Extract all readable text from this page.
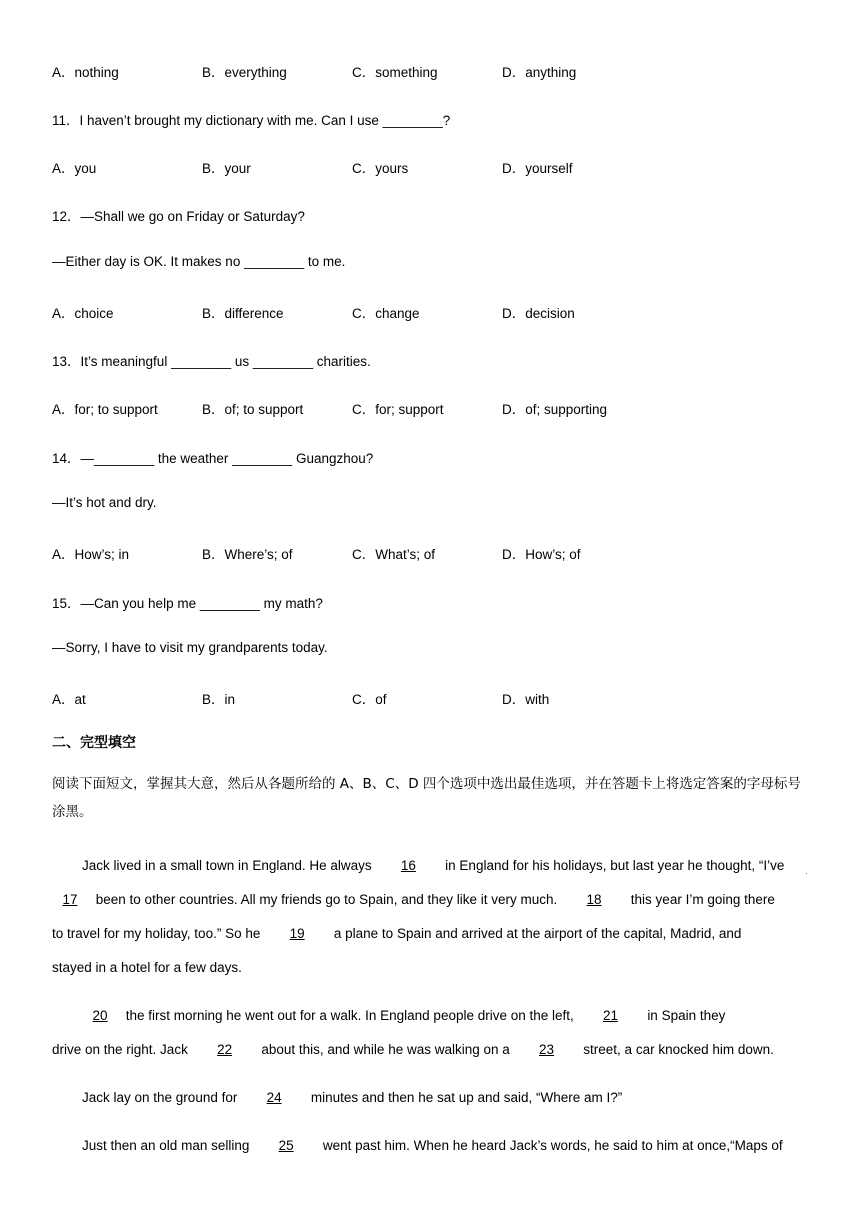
A．nothing	B．everything	C．something	D．anything
11．I haven’t brought my dictionary with me. Can I use ________?
A．you	B．your	C．yours	D．yourself
12．—Shall we go on Friday or Saturday?
—Either day is OK. It makes no ________ to me.
A．choice	B．difference	C．change	D．decision
13．It’s meaningful ________ us ________ charities.
A．for; to support	B．of; to support	C．for; support	D．of; supporting
14．—________ the weather ________ Guangzhou?
—It’s hot and dry.
A．How’s; in	B．Where’s; of	C．What’s; of	D．How’s; of
15．—Can you help me ________ my math?
—Sorry, I have to visit my grandparents today.
A．at	B．in	C．of	D．with
二、完型填空
阅读下面短文，掌握其大意，然后从各题所给的 A、B、C、D 四个选项中选出最佳选项，并在答题卡上将选定答案的字母标号涂黑。
Jack lived in a small town in England. He always 16 in England for his holidays, but last year he thought, “I’ve	.
17 been to other countries. All my friends go to Spain, and they like it very much. 18 this year I’m going there
to travel for my holiday, too.” So he 19 a plane to Spain and arrived at the airport of the capital, Madrid, and
stayed in a hotel for a few days.
20 the first morning he went out for a walk. In England people drive on the left, 21 in Spain they
drive on the right. Jack 22 about this, and while he was walking on a 23 street, a car knocked him down.
Jack lay on the ground for 24 minutes and then he sat up and said, “Where am I?”
Just then an old man selling 25 went past him. When he heard Jack’s words, he said to him at once,“Maps of
